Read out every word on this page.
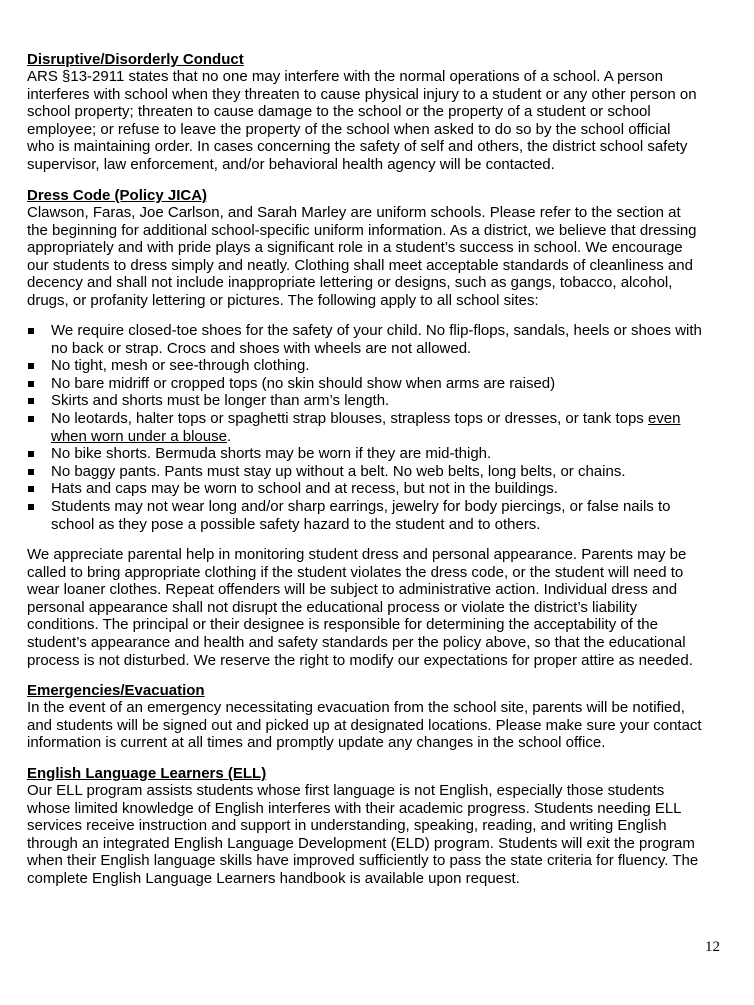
Disruptive/Disorderly Conduct
ARS §13-2911 states that no one may interfere with the normal operations of a school. A person
interferes with school when they threaten to cause physical injury to a student or any other person on
school property; threaten to cause damage to the school or the property of a student or school
employee; or refuse to leave the property of the school when asked to do so by the school official
who is maintaining order. In cases concerning the safety of self and others, the district school safety
supervisor, law enforcement, and/or behavioral health agency will be contacted.
Dress Code (Policy JICA)
Clawson, Faras, Joe Carlson, and Sarah Marley are uniform schools. Please refer to the section at
the beginning for additional school-specific uniform information. As a district, we believe that dressing
appropriately and with pride plays a significant role in a student’s success in school. We encourage
our students to dress simply and neatly. Clothing shall meet acceptable standards of cleanliness and
decency and shall not include inappropriate lettering or designs, such as gangs, tobacco, alcohol,
drugs, or profanity lettering or pictures. The following apply to all school sites:
We require closed-toe shoes for the safety of your child. No flip-flops, sandals, heels or shoes with
no back or strap. Crocs and shoes with wheels are not allowed.
No tight, mesh or see-through clothing.
No bare midriff or cropped tops (no skin should show when arms are raised)
Skirts and shorts must be longer than arm’s length.
No leotards, halter tops or spaghetti strap blouses, strapless tops or dresses, or tank tops even
when worn under a blouse.
No bike shorts. Bermuda shorts may be worn if they are mid-thigh.
No baggy pants. Pants must stay up without a belt. No web belts, long belts, or chains.
Hats and caps may be worn to school and at recess, but not in the buildings.
Students may not wear long and/or sharp earrings, jewelry for body piercings, or false nails to
school as they pose a possible safety hazard to the student and to others.
We appreciate parental help in monitoring student dress and personal appearance. Parents may be
called to bring appropriate clothing if the student violates the dress code, or the student will need to
wear loaner clothes. Repeat offenders will be subject to administrative action. Individual dress and
personal appearance shall not disrupt the educational process or violate the district’s liability
conditions. The principal or their designee is responsible for determining the acceptability of the
student’s appearance and health and safety standards per the policy above, so that the educational
process is not disturbed. We reserve the right to modify our expectations for proper attire as needed.
Emergencies/Evacuation
In the event of an emergency necessitating evacuation from the school site, parents will be notified,
and students will be signed out and picked up at designated locations. Please make sure your contact
information is current at all times and promptly update any changes in the school office.
English Language Learners (ELL)
Our ELL program assists students whose first language is not English, especially those students
whose limited knowledge of English interferes with their academic progress. Students needing ELL
services receive instruction and support in understanding, speaking, reading, and writing English
through an integrated English Language Development (ELD) program. Students will exit the program
when their English language skills have improved sufficiently to pass the state criteria for fluency. The
complete English Language Learners handbook is available upon request.
12
